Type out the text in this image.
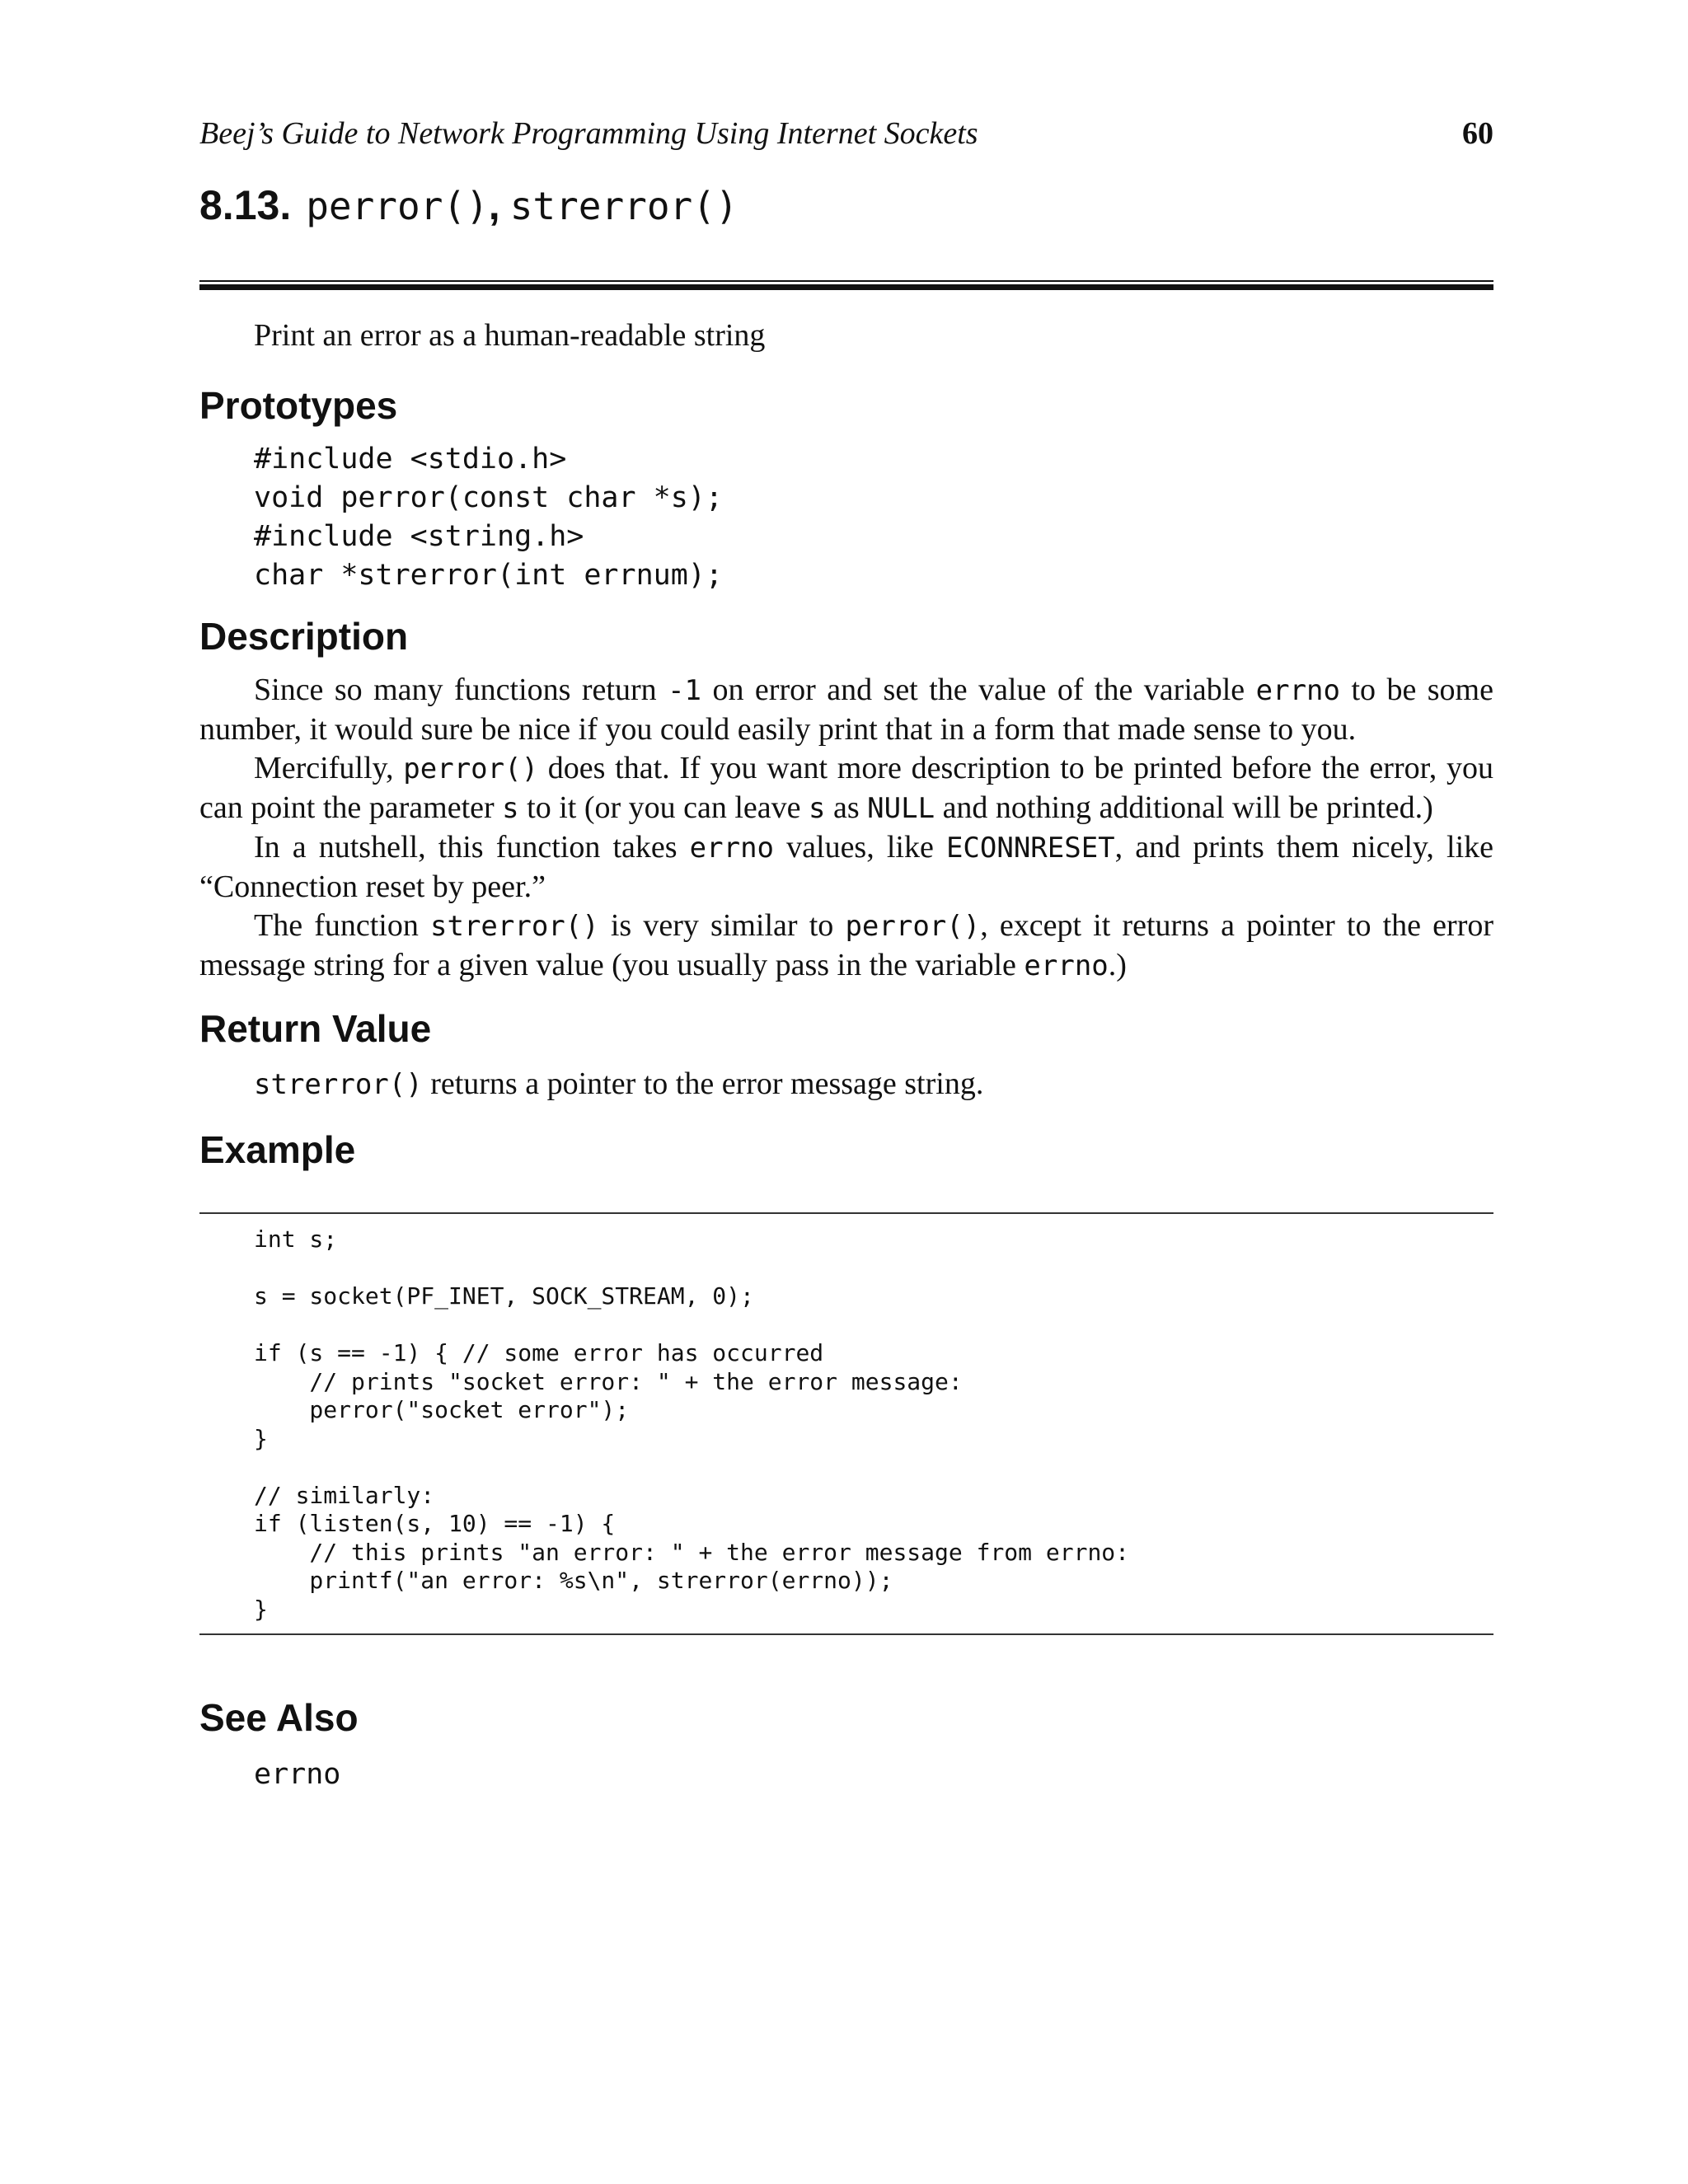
Beej’s Guide to Network Programming Using Internet Sockets	60
8.13. perror() , strerror()

Print an error as a human-readable string

Prototypes
#include <stdio.h>
void perror(const char *s);
#include <string.h>
char *strerror(int errnum);
Description

Since so many functions return -1 on error and set the value of the variable errno to be some number, it would sure be nice if you could easily print that in a form that made sense to you.

Mercifully, perror() does that. If you want more description to be printed before the error, you can point the parameter s to it (or you can leave s as NULL and nothing additional will be printed.)

In a nutshell, this function takes errno values, like ECONNRESET, and prints them nicely, like “Connection reset by peer.”

The function strerror() is very similar to perror(), except it returns a pointer to the error message string for a given value (you usually pass in the variable errno.)

Return Value

strerror() returns a pointer to the error message string.

Example
int s;

s = socket(PF_INET, SOCK_STREAM, 0);

if (s == -1) { // some error has occurred
// prints "socket error: " + the error message:
perror("socket error");
}

// similarly:
if (listen(s, 10) == -1) {
// this prints "an error: " + the error message from errno:
printf("an error: %s\n", strerror(errno));
}
See Also
errno
